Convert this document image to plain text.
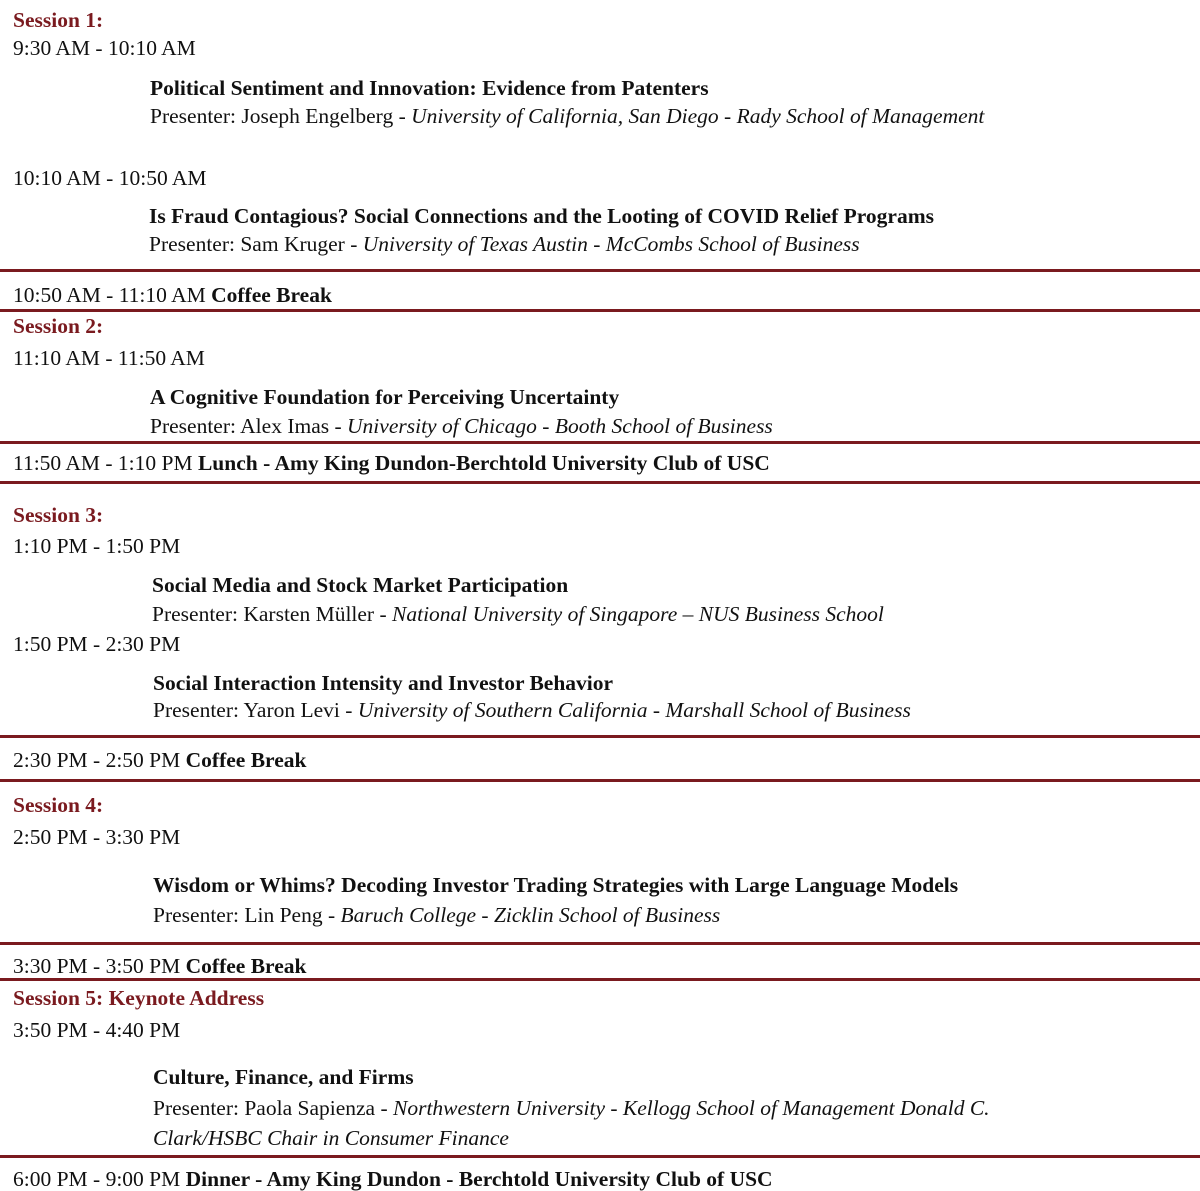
Session 1:
9:30 AM - 10:10 AM
Political Sentiment and Innovation: Evidence from Patenters
Presenter: Joseph Engelberg - University of California, San Diego - Rady School of Management
10:10 AM - 10:50 AM
Is Fraud Contagious? Social Connections and the Looting of COVID Relief Programs
Presenter: Sam Kruger - University of Texas Austin - McCombs School of Business
10:50 AM - 11:10 AM Coffee Break
Session 2:
11:10 AM - 11:50 AM
A Cognitive Foundation for Perceiving Uncertainty
Presenter: Alex Imas - University of Chicago - Booth School of Business
11:50 AM - 1:10 PM Lunch - Amy King Dundon-Berchtold University Club of USC
Session 3:
1:10 PM - 1:50 PM
Social Media and Stock Market Participation
Presenter: Karsten Müller - National University of Singapore – NUS Business School
1:50 PM - 2:30 PM
Social Interaction Intensity and Investor Behavior
Presenter: Yaron Levi - University of Southern California - Marshall School of Business
2:30 PM - 2:50 PM Coffee Break
Session 4:
2:50 PM - 3:30 PM
Wisdom or Whims? Decoding Investor Trading Strategies with Large Language Models
Presenter: Lin Peng - Baruch College - Zicklin School of Business
3:30 PM - 3:50 PM Coffee Break
Session 5: Keynote Address
3:50 PM - 4:40 PM
Culture, Finance, and Firms
Presenter: Paola Sapienza - Northwestern University - Kellogg School of Management Donald C.
Clark/HSBC Chair in Consumer Finance
6:00 PM - 9:00 PM Dinner - Amy King Dundon - Berchtold University Club of USC
